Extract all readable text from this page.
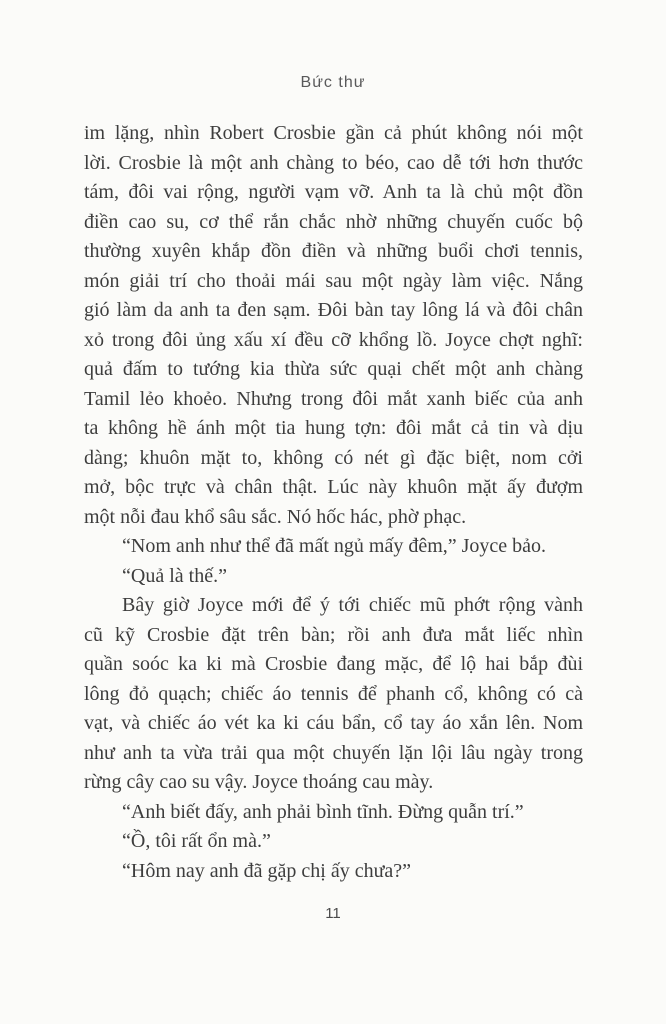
Bức thư
im lặng, nhìn Robert Crosbie gần cả phút không nói một
lời. Crosbie là một anh chàng to béo, cao dễ tới hơn thước
tám, đôi vai rộng, người vạm vỡ. Anh ta là chủ một đồn
điền cao su, cơ thể rắn chắc nhờ những chuyến cuốc bộ
thường xuyên khắp đồn điền và những buổi chơi tennis,
món giải trí cho thoải mái sau một ngày làm việc. Nắng
gió làm da anh ta đen sạm. Đôi bàn tay lông lá và đôi chân
xỏ trong đôi ủng xấu xí đều cỡ khổng lồ. Joyce chợt nghĩ:
quả đấm to tướng kia thừa sức quại chết một anh chàng
Tamil lẻo khoẻo. Nhưng trong đôi mắt xanh biếc của anh
ta không hề ánh một tia hung tợn: đôi mắt cả tin và dịu
dàng; khuôn mặt to, không có nét gì đặc biệt, nom cởi
mở, bộc trực và chân thật. Lúc này khuôn mặt ấy đượm
một nỗi đau khổ sâu sắc. Nó hốc hác, phờ phạc.
“Nom anh như thể đã mất ngủ mấy đêm,” Joyce bảo.
“Quả là thế.”
Bây giờ Joyce mới để ý tới chiếc mũ phớt rộng vành
cũ kỹ Crosbie đặt trên bàn; rồi anh đưa mắt liếc nhìn
quần soóc ka ki mà Crosbie đang mặc, để lộ hai bắp đùi
lông đỏ quạch; chiếc áo tennis để phanh cổ, không có cà
vạt, và chiếc áo vét ka ki cáu bẩn, cổ tay áo xắn lên. Nom
như anh ta vừa trải qua một chuyến lặn lội lâu ngày trong
rừng cây cao su vậy. Joyce thoáng cau mày.
“Anh biết đấy, anh phải bình tĩnh. Đừng quẫn trí.”
“Ồ, tôi rất ổn mà.”
“Hôm nay anh đã gặp chị ấy chưa?”
11
